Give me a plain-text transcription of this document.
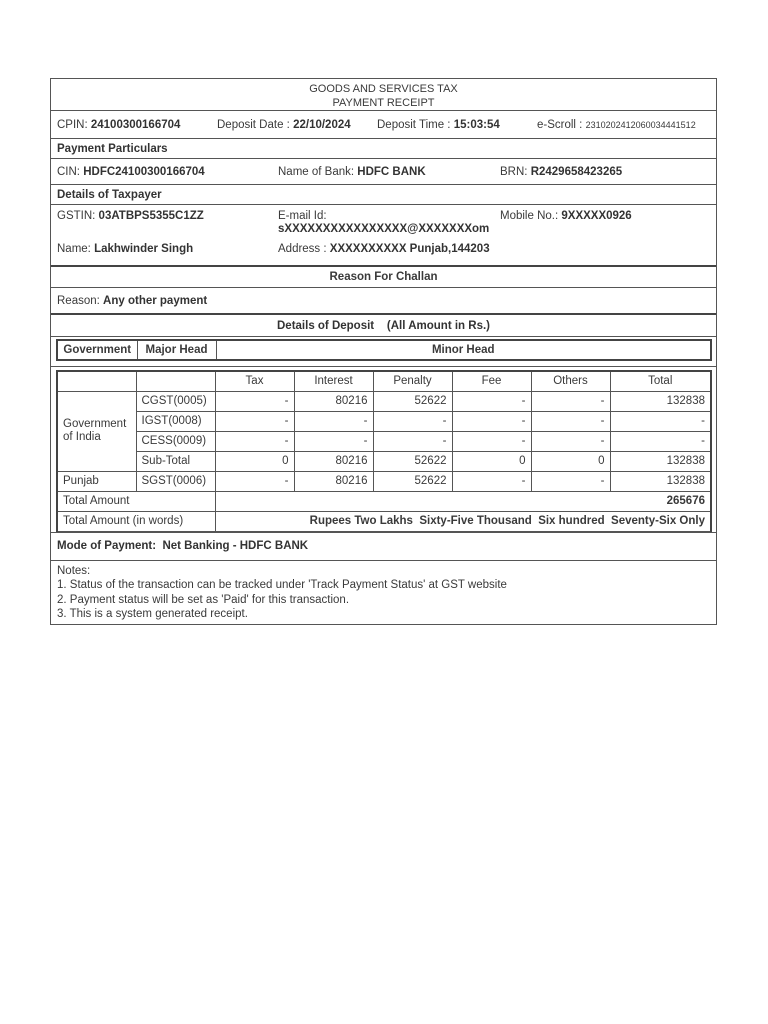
GOODS AND SERVICES TAX
PAYMENT RECEIPT
CPIN: 24100300166704	Deposit Date : 22/10/2024	Deposit Time : 15:03:54	e-Scroll : 2310202412060034441512
Payment Particulars
CIN: HDFC24100300166704	Name of Bank: HDFC BANK	BRN: R2429658423265
Details of Taxpayer
GSTIN: 03ATBPS5355C1ZZ	E-mail Id:
sXXXXXXXXXXXXXXXX@XXXXXXXom
Mobile No.: 9XXXXX0926
Name: Lakhwinder Singh	Address : XXXXXXXXXX Punjab,144203
Reason For Challan
Reason:
Any other payment
Details of Deposit (All Amount in Rs.)
Government	Major Head	Minor Head
		Tax	Interest	Penalty	Fee	Others	Total
Government of India	CGST(0005)	-	80216	52622	-	-	132838
	IGST(0008)	-	-	-	-	-	-
	CESS(0009)	-	-	-	-	-	-
	Sub-Total	0	80216	52622	0	0	132838
Punjab	SGST(0006)	-	80216	52622	-	-	132838
Total Amount		265676					
Total Amount (in words)		Rupees Two Lakhs  Sixty-Five Thousand  Six hundred  Seventy-Six Only					
Mode of Payment:
Net Banking - HDFC BANK
Notes:
1. Status of the transaction can be tracked under 'Track Payment Status' at GST website
2. Payment status will be set as 'Paid' for this transaction.
3. This is a system generated receipt.
